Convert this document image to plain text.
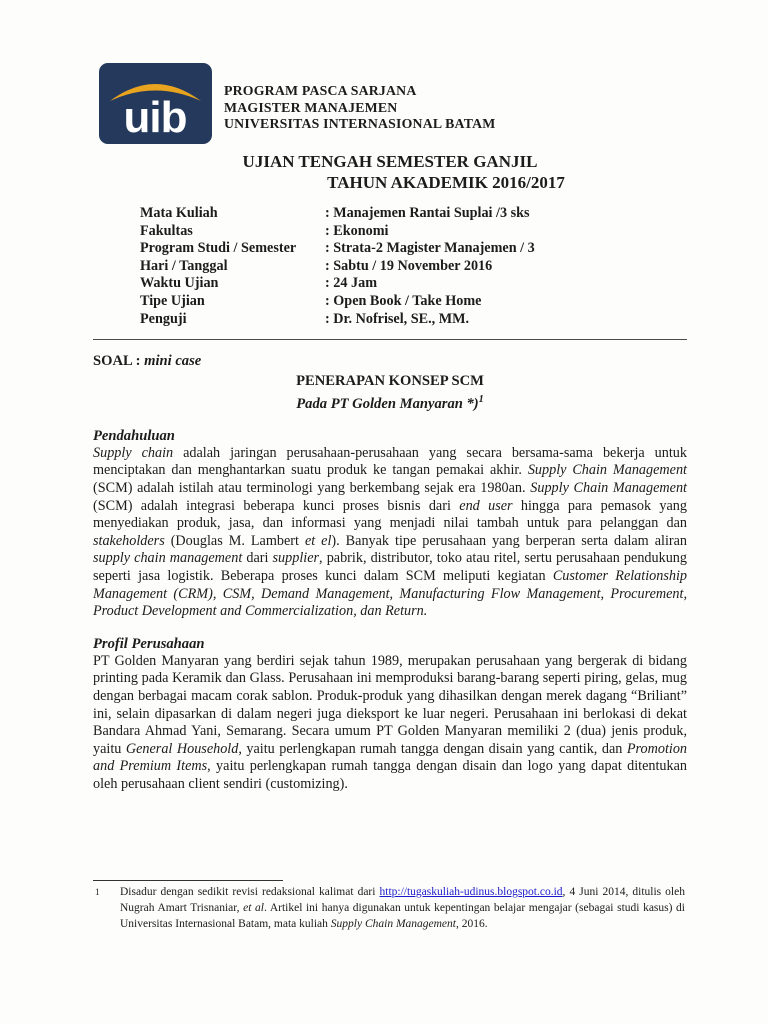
uib
PROGRAM PASCA SARJANA
MAGISTER MANAJEMEN
UNIVERSITAS INTERNASIONAL BATAM
UJIAN TENGAH SEMESTER GANJIL
TAHUN AKADEMIK 2016/2017
Mata Kuliah	: Manajemen Rantai Suplai /3 sks
Fakultas	: Ekonomi
Program Studi / Semester	: Strata-2 Magister Manajemen / 3
Hari / Tanggal	: Sabtu / 19 November 2016
Waktu Ujian	: 24 Jam
Tipe Ujian	: Open Book / Take Home
Penguji	: Dr. Nofrisel, SE., MM.
SOAL : mini case
PENERAPAN KONSEP SCM
Pada PT Golden Manyaran *)$^1$
Pendahuluan
Supply chain adalah jaringan perusahaan-perusahaan yang secara bersama-sama bekerja untuk menciptakan dan menghantarkan suatu produk ke tangan pemakai akhir. Supply Chain Management (SCM) adalah istilah atau terminologi yang berkembang sejak era 1980an. Supply Chain Management (SCM) adalah integrasi beberapa kunci proses bisnis dari end user hingga para pemasok yang menyediakan produk, jasa, dan informasi yang menjadi nilai tambah untuk para pelanggan dan stakeholders (Douglas M. Lambert et el). Banyak tipe perusahaan yang berperan serta dalam aliran supply chain management dari supplier, pabrik, distributor, toko atau ritel, sertu perusahaan pendukung seperti jasa logistik. Beberapa proses kunci dalam SCM meliputi kegiatan Customer Relationship Management (CRM), CSM, Demand Management, Manufacturing Flow Management, Procurement, Product Development and Commercialization, dan Return.
Profil Perusahaan
PT Golden Manyaran yang berdiri sejak tahun 1989, merupakan perusahaan yang bergerak di bidang printing pada Keramik dan Glass. Perusahaan ini memproduksi barang-barang seperti piring, gelas, mug dengan berbagai macam corak sablon. Produk-produk yang dihasilkan dengan merek dagang “Briliant” ini, selain dipasarkan di dalam negeri juga dieksport ke luar negeri. Perusahaan ini berlokasi di dekat Bandara Ahmad Yani, Semarang. Secara umum PT Golden Manyaran memiliki 2 (dua) jenis produk, yaitu General Household, yaitu perlengkapan rumah tangga dengan disain yang cantik, dan Promotion and Premium Items, yaitu perlengkapan rumah tangga dengan disain dan logo yang dapat ditentukan oleh perusahaan client sendiri (customizing).
1 Disadur dengan sedikit revisi redaksional kalimat dari http://tugaskuliah-udinus.blogspot.co.id, 4 Juni 2014, ditulis oleh Nugrah Amart Trisnaniar, et al. Artikel ini hanya digunakan untuk kepentingan belajar mengajar (sebagai studi kasus) di Universitas Internasional Batam, mata kuliah Supply Chain Management, 2016.
